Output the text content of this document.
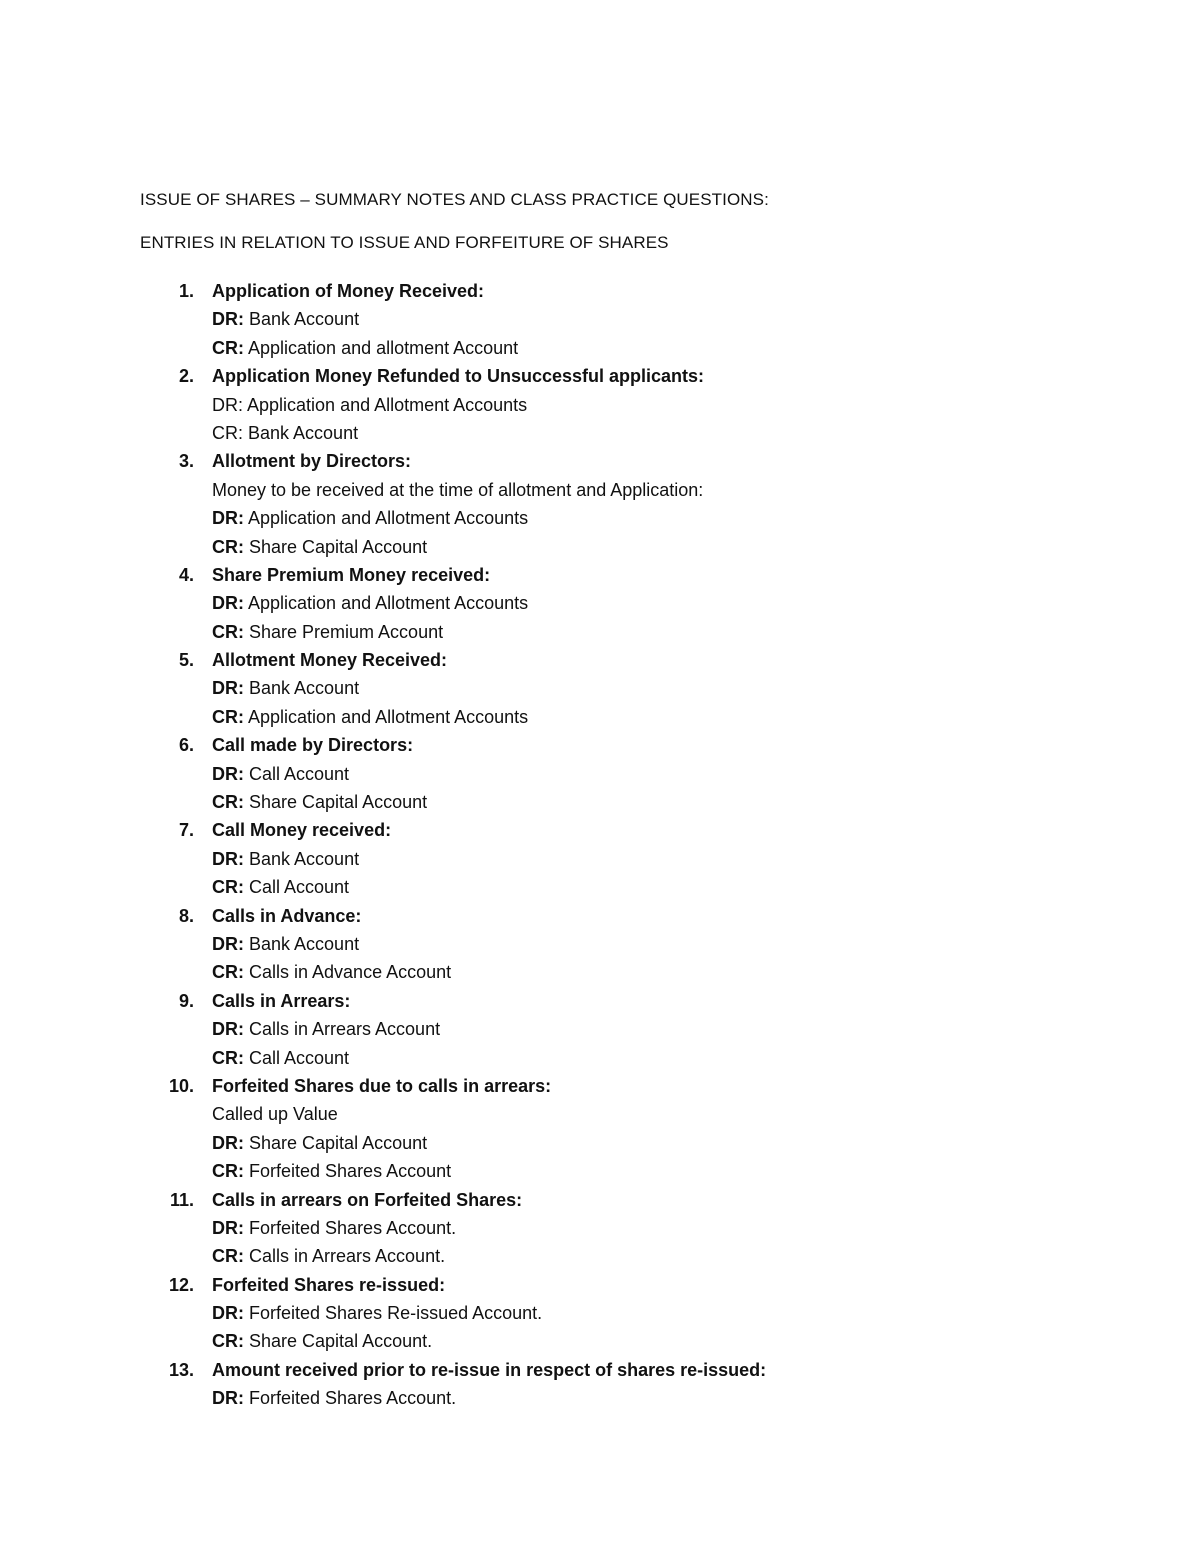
ISSUE OF SHARES – SUMMARY NOTES AND CLASS PRACTICE QUESTIONS:
ENTRIES IN RELATION TO ISSUE AND FORFEITURE OF SHARES
1. Application of Money Received:
DR: Bank Account
CR: Application and allotment Account
2. Application Money Refunded to Unsuccessful applicants:
DR: Application and Allotment Accounts
CR: Bank Account
3. Allotment by Directors:
Money to be received at the time of allotment and Application:
DR: Application and Allotment Accounts
CR: Share Capital Account
4. Share Premium Money received:
DR: Application and Allotment Accounts
CR: Share Premium Account
5. Allotment Money Received:
DR: Bank Account
CR: Application and Allotment Accounts
6. Call made by Directors:
DR: Call Account
CR: Share Capital Account
7. Call Money received:
DR: Bank Account
CR: Call Account
8. Calls in Advance:
DR: Bank Account
CR: Calls in Advance Account
9. Calls in Arrears:
DR: Calls in Arrears Account
CR: Call Account
10. Forfeited Shares due to calls in arrears:
Called up Value
DR: Share Capital Account
CR: Forfeited Shares Account
11. Calls in arrears on Forfeited Shares:
DR: Forfeited Shares Account.
CR: Calls in Arrears Account.
12. Forfeited Shares re-issued:
DR: Forfeited Shares Re-issued Account.
CR: Share Capital Account.
13. Amount received prior to re-issue in respect of shares re-issued:
DR: Forfeited Shares Account.
